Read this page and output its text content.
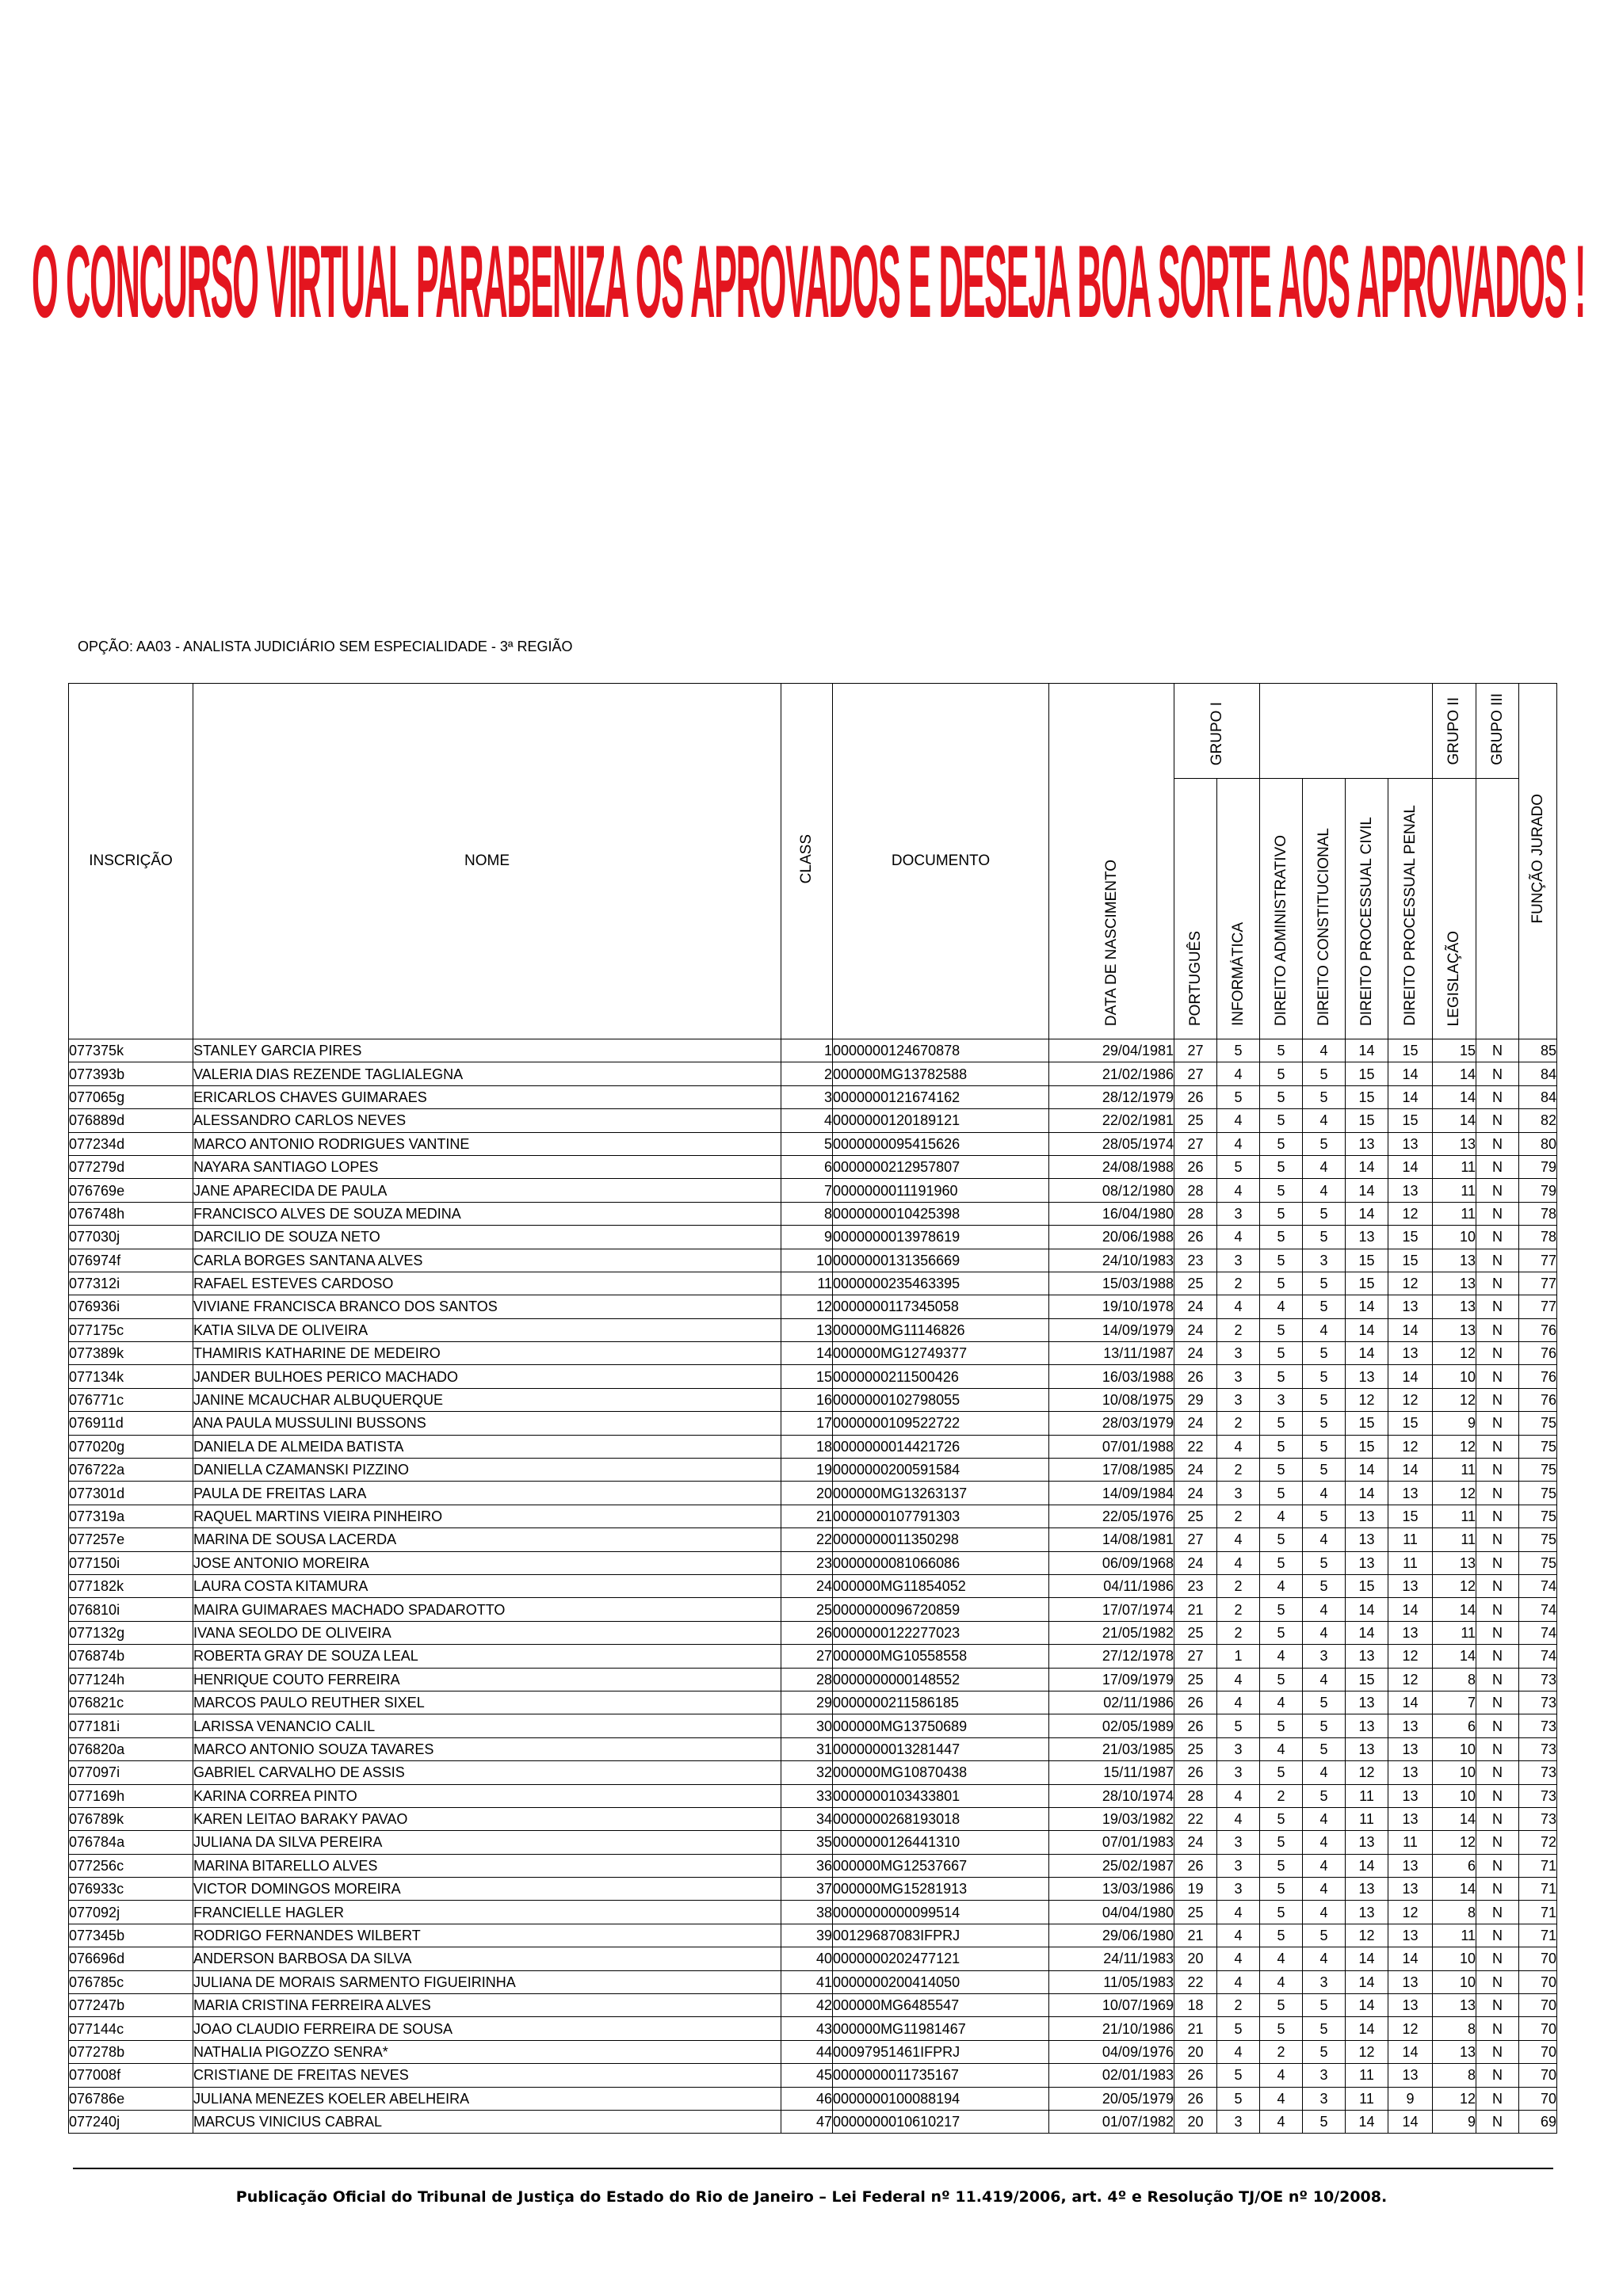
O CONCURSO VIRTUAL PARABENIZA OS APROVADOS E DESEJA BOA SORTE AOS APROVADOS !
OPÇÃO: AA03 - ANALISTA JUDICIÁRIO SEM ESPECIALIDADE - 3ª REGIÃO
INSCRIÇÃO	NOME	CLASS	DOCUMENTO	DATA DE NASCIMENTO	GRUPO I						GRUPO II	GRUPO III	FUNÇÃO JURADO	
					PORTUGUÊS	INFORMÁTICA	DIREITO ADMINISTRATIVO	DIREITO CONSTITUCIONAL	DIREITO PROCESSUAL CIVIL	DIREITO PROCESSUAL PENAL	LEGISLAÇÃO			
077375k	STANLEY GARCIA PIRES	1	0000000124670878	29/04/1981	27	5	5	4	14	15	15	N	85	
077393b	VALERIA DIAS REZENDE TAGLIALEGNA	2	000000MG13782588	21/02/1986	27	4	5	5	15	14	14	N	84	
077065g	ERICARLOS CHAVES GUIMARAES	3	0000000121674162	28/12/1979	26	5	5	5	15	14	14	N	84	
076889d	ALESSANDRO CARLOS NEVES	4	0000000120189121	22/02/1981	25	4	5	4	15	15	14	N	82	
077234d	MARCO ANTONIO RODRIGUES VANTINE	5	0000000095415626	28/05/1974	27	4	5	5	13	13	13	N	80	
077279d	NAYARA SANTIAGO LOPES	6	0000000212957807	24/08/1988	26	5	5	4	14	14	11	N	79	
076769e	JANE APARECIDA DE PAULA	7	0000000011191960	08/12/1980	28	4	5	4	14	13	11	N	79	
076748h	FRANCISCO ALVES DE SOUZA MEDINA	8	0000000010425398	16/04/1980	28	3	5	5	14	12	11	N	78	
077030j	DARCILIO DE SOUZA NETO	9	0000000013978619	20/06/1988	26	4	5	5	13	15	10	N	78	
076974f	CARLA BORGES SANTANA ALVES	10	0000000131356669	24/10/1983	23	3	5	3	15	15	13	N	77	
077312i	RAFAEL ESTEVES CARDOSO	11	0000000235463395	15/03/1988	25	2	5	5	15	12	13	N	77	
076936i	VIVIANE FRANCISCA BRANCO DOS SANTOS	12	0000000117345058	19/10/1978	24	4	4	5	14	13	13	N	77	
077175c	KATIA SILVA DE OLIVEIRA	13	000000MG11146826	14/09/1979	24	2	5	4	14	14	13	N	76	
077389k	THAMIRIS KATHARINE DE MEDEIRO	14	000000MG12749377	13/11/1987	24	3	5	5	14	13	12	N	76	
077134k	JANDER BULHOES PERICO MACHADO	15	0000000211500426	16/03/1988	26	3	5	5	13	14	10	N	76	
076771c	JANINE MCAUCHAR ALBUQUERQUE	16	0000000102798055	10/08/1975	29	3	3	5	12	12	12	N	76	
076911d	ANA PAULA MUSSULINI BUSSONS	17	0000000109522722	28/03/1979	24	2	5	5	15	15	9	N	75	
077020g	DANIELA DE ALMEIDA BATISTA	18	0000000014421726	07/01/1988	22	4	5	5	15	12	12	N	75	
076722a	DANIELLA CZAMANSKI PIZZINO	19	0000000200591584	17/08/1985	24	2	5	5	14	14	11	N	75	
077301d	PAULA DE FREITAS LARA	20	000000MG13263137	14/09/1984	24	3	5	4	14	13	12	N	75	
077319a	RAQUEL MARTINS VIEIRA PINHEIRO	21	0000000107791303	22/05/1976	25	2	4	5	13	15	11	N	75	
077257e	MARINA DE SOUSA LACERDA	22	0000000011350298	14/08/1981	27	4	5	4	13	11	11	N	75	
077150i	JOSE ANTONIO MOREIRA	23	0000000081066086	06/09/1968	24	4	5	5	13	11	13	N	75	
077182k	LAURA COSTA KITAMURA	24	000000MG11854052	04/11/1986	23	2	4	5	15	13	12	N	74	
076810i	MAIRA GUIMARAES MACHADO SPADAROTTO	25	0000000096720859	17/07/1974	21	2	5	4	14	14	14	N	74	
077132g	IVANA SEOLDO DE OLIVEIRA	26	0000000122277023	21/05/1982	25	2	5	4	14	13	11	N	74	
076874b	ROBERTA GRAY DE SOUZA LEAL	27	000000MG10558558	27/12/1978	27	1	4	3	13	12	14	N	74	
077124h	HENRIQUE COUTO FERREIRA	28	0000000000148552	17/09/1979	25	4	5	4	15	12	8	N	73	
076821c	MARCOS PAULO REUTHER SIXEL	29	0000000211586185	02/11/1986	26	4	4	5	13	14	7	N	73	
077181i	LARISSA VENANCIO CALIL	30	000000MG13750689	02/05/1989	26	5	5	5	13	13	6	N	73	
076820a	MARCO ANTONIO SOUZA TAVARES	31	0000000013281447	21/03/1985	25	3	4	5	13	13	10	N	73	
077097i	GABRIEL CARVALHO DE ASSIS	32	000000MG10870438	15/11/1987	26	3	5	4	12	13	10	N	73	
077169h	KARINA CORREA PINTO	33	0000000103433801	28/10/1974	28	4	2	5	11	13	10	N	73	
076789k	KAREN LEITAO BARAKY PAVAO	34	0000000268193018	19/03/1982	22	4	5	4	11	13	14	N	73	
076784a	JULIANA DA SILVA PEREIRA	35	0000000126441310	07/01/1983	24	3	5	4	13	11	12	N	72	
077256c	MARINA BITARELLO ALVES	36	000000MG12537667	25/02/1987	26	3	5	4	14	13	6	N	71	
076933c	VICTOR DOMINGOS MOREIRA	37	000000MG15281913	13/03/1986	19	3	5	4	13	13	14	N	71	
077092j	FRANCIELLE HAGLER	38	0000000000099514	04/04/1980	25	4	5	4	13	12	8	N	71	
077345b	RODRIGO FERNANDES WILBERT	39	00129687083IFPRJ	29/06/1980	21	4	5	5	12	13	11	N	71	
076696d	ANDERSON BARBOSA DA SILVA	40	0000000202477121	24/11/1983	20	4	4	4	14	14	10	N	70	
076785c	JULIANA DE MORAIS SARMENTO FIGUEIRINHA	41	0000000200414050	11/05/1983	22	4	4	3	14	13	10	N	70	
077247b	MARIA CRISTINA FERREIRA ALVES	42	000000MG6485547	10/07/1969	18	2	5	5	14	13	13	N	70	
077144c	JOAO CLAUDIO FERREIRA DE SOUSA	43	000000MG11981467	21/10/1986	21	5	5	5	14	12	8	N	70	
077278b	NATHALIA PIGOZZO SENRA*	44	00097951461IFPRJ	04/09/1976	20	4	2	5	12	14	13	N	70	
077008f	CRISTIANE DE FREITAS NEVES	45	0000000011735167	02/01/1983	26	5	4	3	11	13	8	N	70	
076786e	JULIANA MENEZES KOELER ABELHEIRA	46	0000000100088194	20/05/1979	26	5	4	3	11	9	12	N	70	
077240j	MARCUS VINICIUS CABRAL	47	0000000010610217	01/07/1982	20	3	4	5	14	14	9	N	69	
Publicação Oficial do Tribunal de Justiça do Estado do Rio de Janeiro – Lei Federal nº 11.419/2006, art. 4º e Resolução TJ/OE nº 10/2008.
